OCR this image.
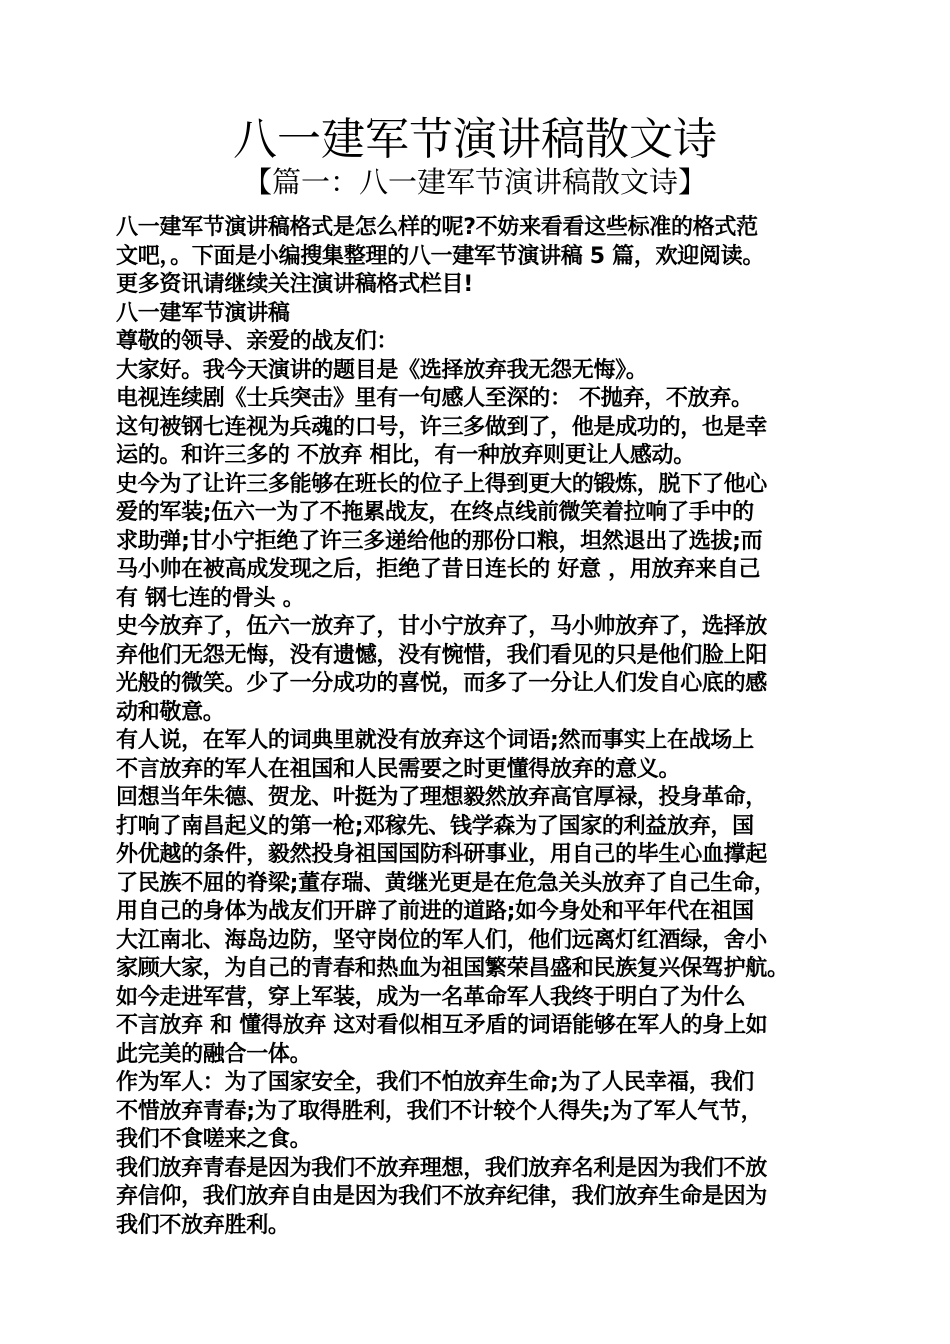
八一建军节演讲稿散文诗
【篇一：八一建军节演讲稿散文诗】
八一建军节演讲稿格式是怎么样的呢?不妨来看看这些标准的格式范
文吧，。下面是小编搜集整理的八一建军节演讲稿 5 篇，欢迎阅读。
更多资讯请继续关注演讲稿格式栏目!
八一建军节演讲稿
尊敬的领导、亲爱的战友们：
大家好。我今天演讲的题目是《选择放弃我无怨无悔》。
电视连续剧《士兵突击》里有一句感人至深的： 不抛弃，不放弃。
这句被钢七连视为兵魂的口号，许三多做到了，他是成功的，也是幸
运的。和许三多的 不放弃 相比，有一种放弃则更让人感动。
史今为了让许三多能够在班长的位子上得到更大的锻炼，脱下了他心
爱的军装;伍六一为了不拖累战友，在终点线前微笑着拉响了手中的
求助弹;甘小宁拒绝了许三多递给他的那份口粮，坦然退出了选拔;而
马小帅在被高成发现之后，拒绝了昔日连长的 好意 ，用放弃来自己
有 钢七连的骨头 。
史今放弃了，伍六一放弃了，甘小宁放弃了，马小帅放弃了，选择放
弃他们无怨无悔，没有遗憾，没有惋惜，我们看见的只是他们脸上阳
光般的微笑。少了一分成功的喜悦，而多了一分让人们发自心底的感
动和敬意。
有人说，在军人的词典里就没有放弃这个词语;然而事实上在战场上
不言放弃的军人在祖国和人民需要之时更懂得放弃的意义。
回想当年朱德、贺龙、叶挺为了理想毅然放弃高官厚禄，投身革命，
打响了南昌起义的第一枪;邓稼先、钱学森为了国家的利益放弃，国
外优越的条件，毅然投身祖国国防科研事业，用自己的毕生心血撑起
了民族不屈的脊梁;董存瑞、黄继光更是在危急关头放弃了自己生命，
用自己的身体为战友们开辟了前进的道路;如今身处和平年代在祖国
大江南北、海岛边防，坚守岗位的军人们，他们远离灯红酒绿，舍小
家顾大家，为自己的青春和热血为祖国繁荣昌盛和民族复兴保驾护航。
如今走进军营，穿上军装，成为一名革命军人我终于明白了为什么
不言放弃 和 懂得放弃 这对看似相互矛盾的词语能够在军人的身上如
此完美的融合一体。
作为军人：为了国家安全，我们不怕放弃生命;为了人民幸福，我们
不惜放弃青春;为了取得胜利，我们不计较个人得失;为了军人气节，
我们不食嗟来之食。
我们放弃青春是因为我们不放弃理想，我们放弃名利是因为我们不放
弃信仰，我们放弃自由是因为我们不放弃纪律，我们放弃生命是因为
我们不放弃胜利。
